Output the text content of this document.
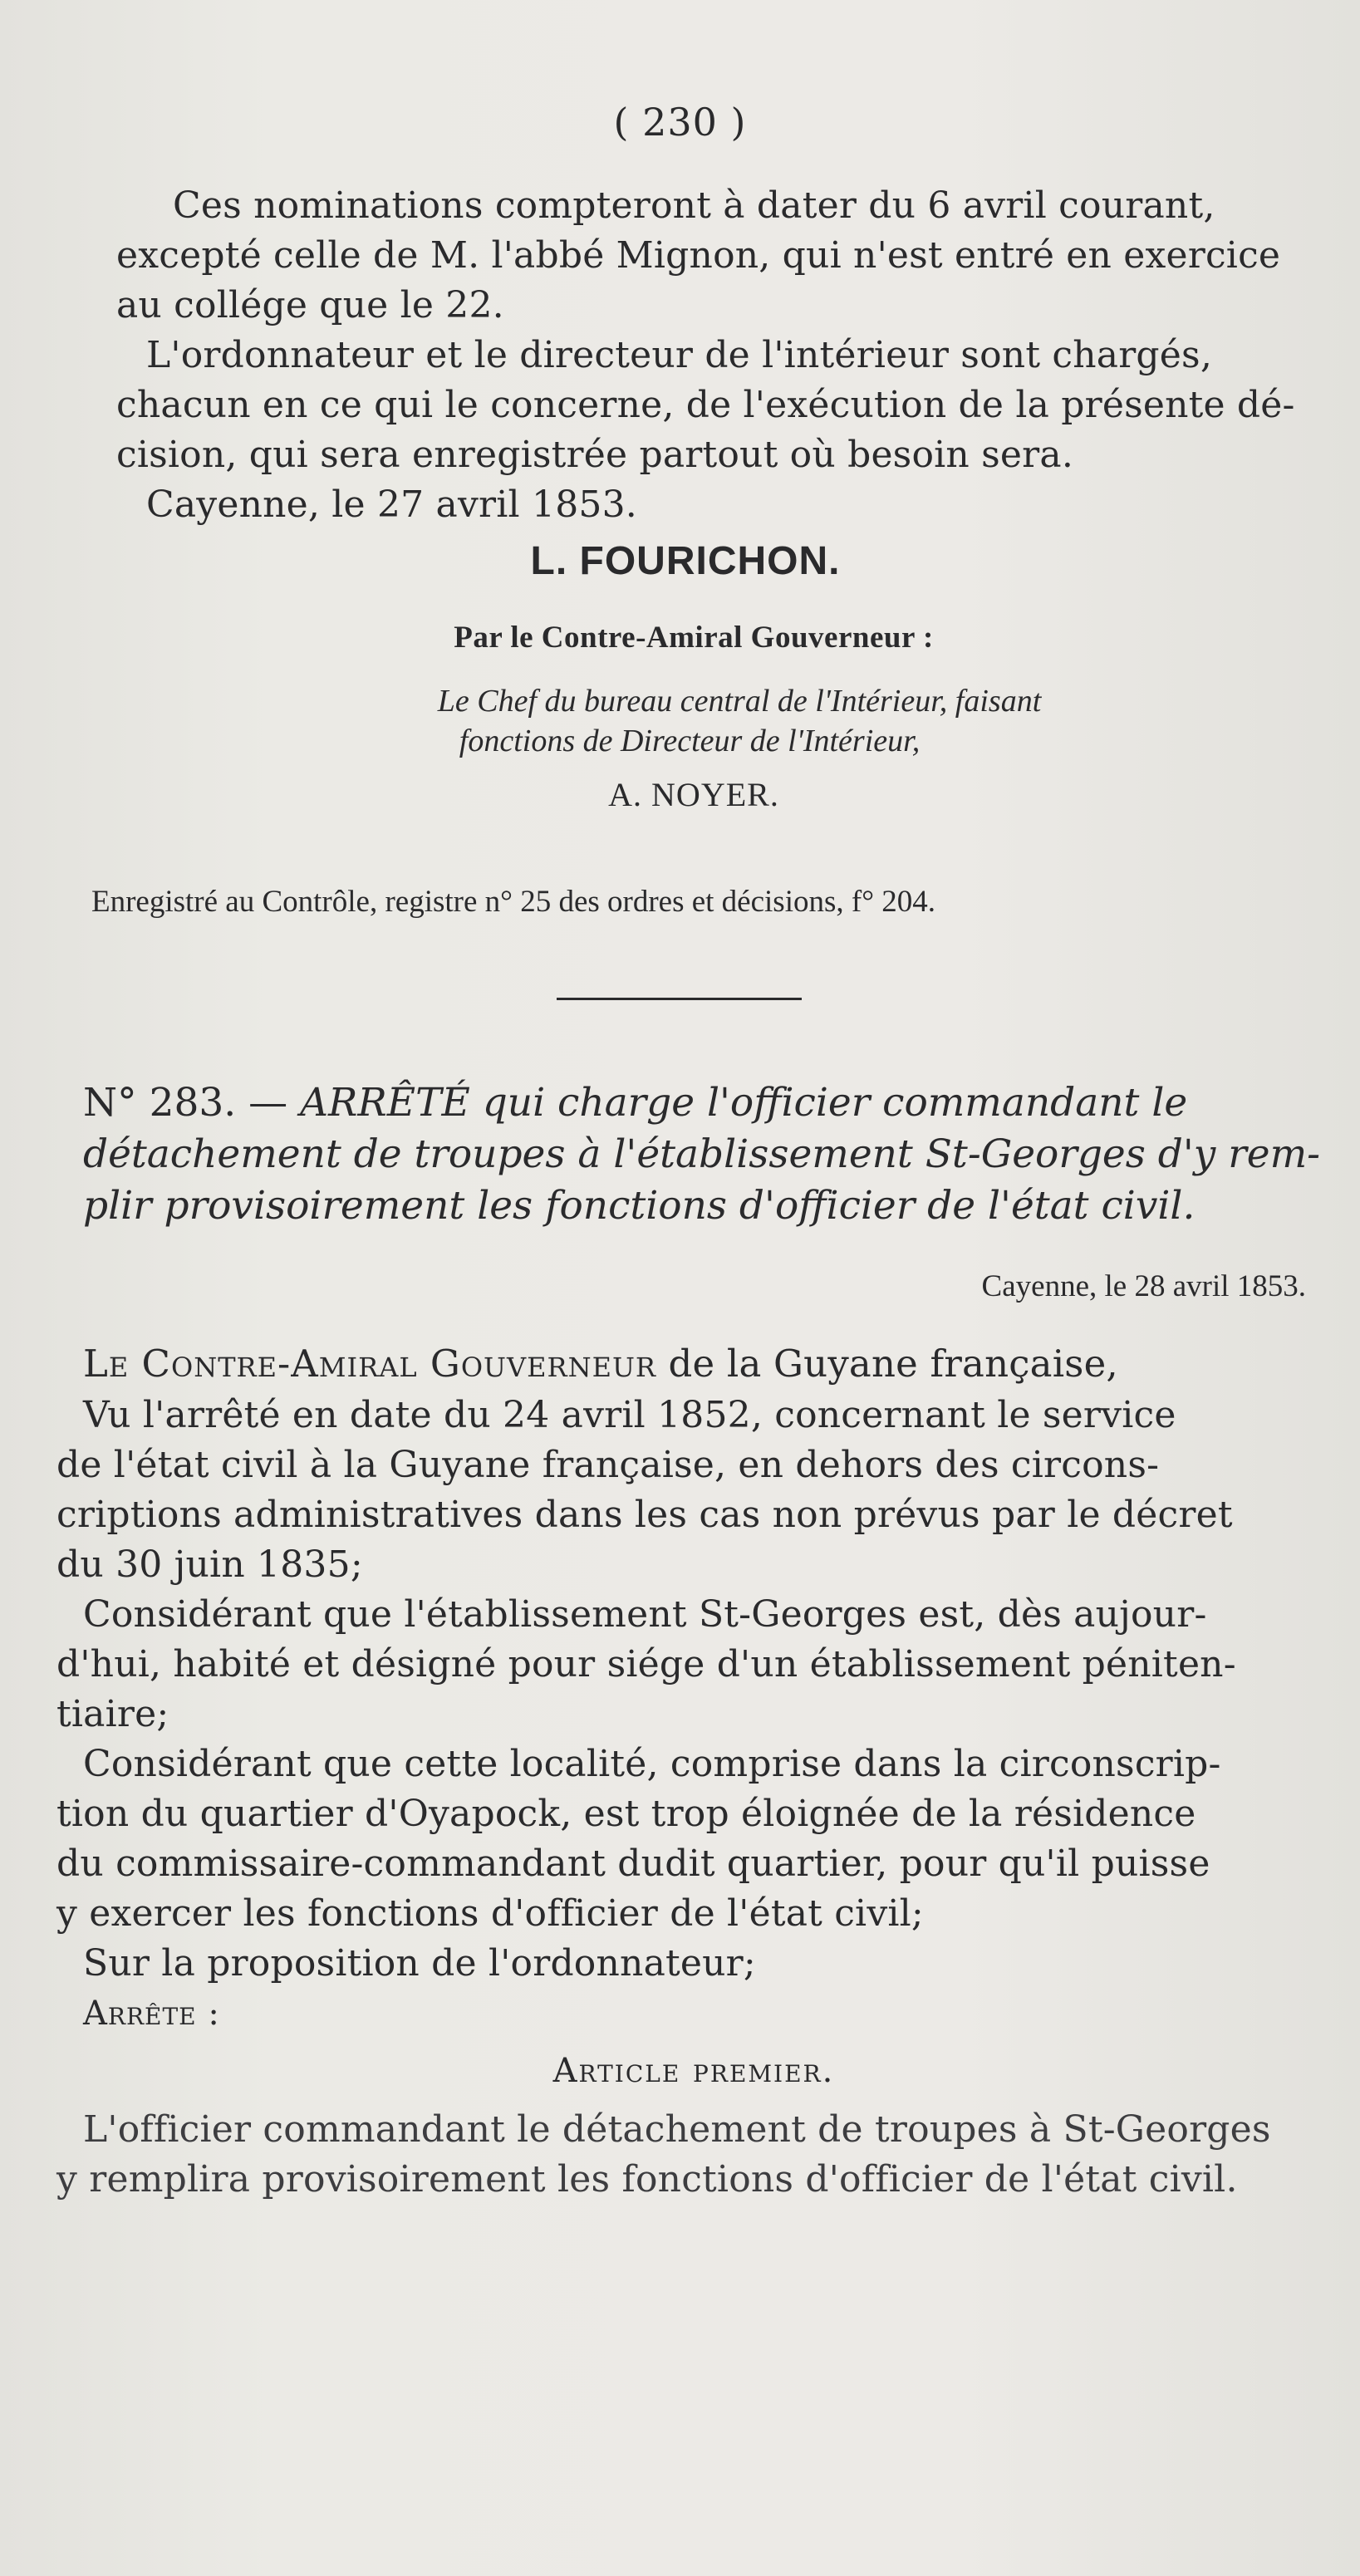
( 230 )
Ces nominations compteront à dater du 6 avril courant,
excepté celle de M. l'abbé Mignon, qui n'est entré en exercice
au collége que le 22.
L'ordonnateur et le directeur de l'intérieur sont chargés,
chacun en ce qui le concerne, de l'exécution de la présente dé-
cision, qui sera enregistrée partout où besoin sera.
Cayenne, le 27 avril 1853.
L. FOURICHON.
Par le Contre-Amiral Gouverneur :
Le Chef du bureau central de l'Intérieur, faisant
fonctions de Directeur de l'Intérieur,
A. NOYER.
Enregistré au Contrôle, registre n° 25 des ordres et décisions, f° 204.
N° 283. — ARRÊTÉ qui charge l'officier commandant le
détachement de troupes à l'établissement St-Georges d'y rem-
plir provisoirement les fonctions d'officier de l'état civil.
Cayenne, le 28 avril 1853.
Le Contre-Amiral Gouverneur de la Guyane française,
Vu l'arrêté en date du 24 avril 1852, concernant le service
de l'état civil à la Guyane française, en dehors des circons-
criptions administratives dans les cas non prévus par le décret
du 30 juin 1835;
Considérant que l'établissement St-Georges est, dès aujour-
d'hui, habité et désigné pour siége d'un établissement péniten-
tiaire;
Considérant que cette localité, comprise dans la circonscrip-
tion du quartier d'Oyapock, est trop éloignée de la résidence
du commissaire-commandant dudit quartier, pour qu'il puisse
y exercer les fonctions d'officier de l'état civil;
Sur la proposition de l'ordonnateur;
Arrête :
Article premier.
L'officier commandant le détachement de troupes à St-Georges
y remplira provisoirement les fonctions d'officier de l'état civil.
